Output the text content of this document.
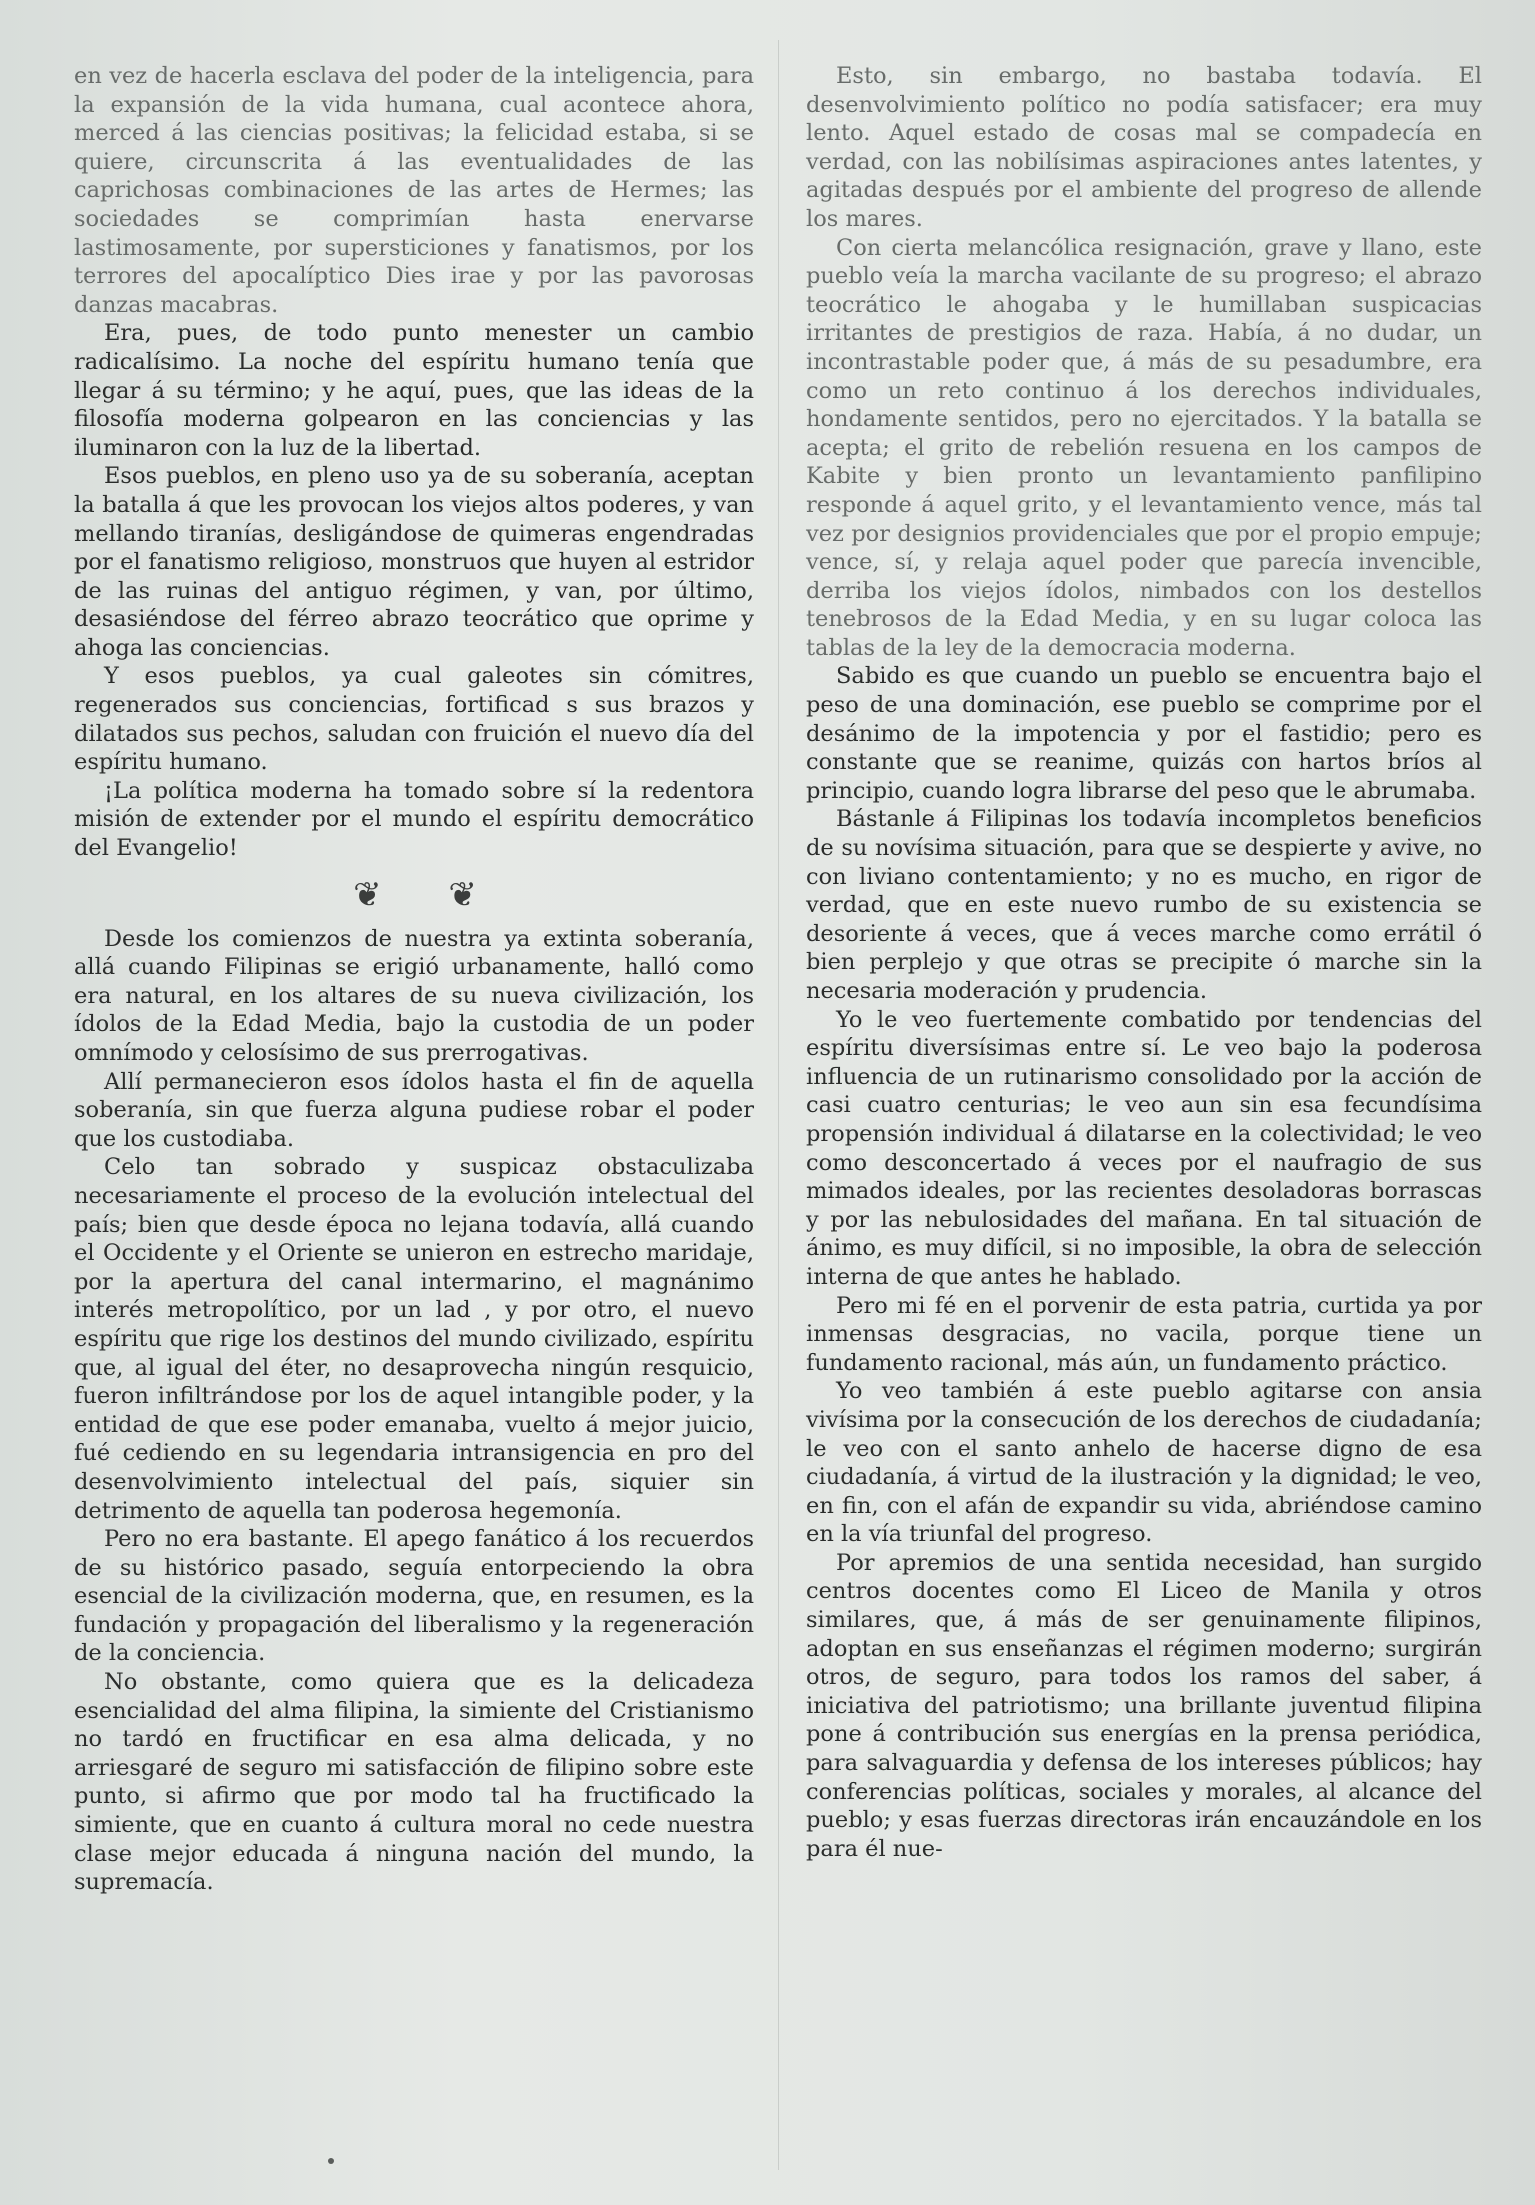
en vez de hacerla esclava del poder de la inteligencia, para la expansión de la vida humana, cual acontece ahora, merced á las ciencias positivas; la felicidad estaba, si se quiere, circunscrita á las eventualidades de las caprichosas combinaciones de las artes de Hermes; las sociedades se comprimían hasta enervarse lastimosamente, por supersticiones y fanatismos, por los terrores del apocalíptico Dies irae y por las pavorosas danzas macabras.

Era, pues, de todo punto menester un cambio radicalísimo. La noche del espíritu humano tenía que llegar á su término; y he aquí, pues, que las ideas de la filosofía moderna golpearon en las conciencias y las iluminaron con la luz de la libertad.

Esos pueblos, en pleno uso ya de su soberanía, aceptan la batalla á que les provocan los viejos altos poderes, y van mellando tiranías, desligándose de quimeras engendradas por el fanatismo religioso, monstruos que huyen al estridor de las ruinas del antiguo régimen, y van, por último, desasiéndose del férreo abrazo teocrático que oprime y ahoga las conciencias.

Y esos pueblos, ya cual galeotes sin cómitres, regenerados sus conciencias, fortificad s sus brazos y dilatados sus pechos, saludan con fruición el nuevo día del espíritu humano.

¡La política moderna ha tomado sobre sí la redentora misión de extender por el mundo el espíritu democrático del Evangelio!

❦ ❦

Desde los comienzos de nuestra ya extinta soberanía, allá cuando Filipinas se erigió urbanamente, halló como era natural, en los altares de su nueva civilización, los ídolos de la Edad Media, bajo la custodia de un poder omnímodo y celosísimo de sus prerrogativas.

Allí permanecieron esos ídolos hasta el fin de aquella soberanía, sin que fuerza alguna pudiese robar el poder que los custodiaba.

Celo tan sobrado y suspicaz obstaculizaba necesariamente el proceso de la evolución intelectual del país; bien que desde época no lejana todavía, allá cuando el Occidente y el Oriente se unieron en estrecho maridaje, por la apertura del canal intermarino, el magnánimo interés metropolítico, por un lad , y por otro, el nuevo espíritu que rige los destinos del mundo civilizado, espíritu que, al igual del éter, no desaprovecha ningún resquicio, fueron infiltrándose por los de aquel intangible poder, y la entidad de que ese poder emanaba, vuelto á mejor juicio, fué cediendo en su legendaria intransigencia en pro del desenvolvimiento intelectual del país, siquier sin detrimento de aquella tan poderosa hegemonía.

Pero no era bastante. El apego fanático á los recuerdos de su histórico pasado, seguía entorpeciendo la obra esencial de la civilización moderna, que, en resumen, es la fundación y propagación del liberalismo y la regeneración de la conciencia.

No obstante, como quiera que es la delicadeza esencialidad del alma filipina, la simiente del Cristianismo no tardó en fructificar en esa alma delicada, y no arriesgaré de seguro mi satisfacción de filipino sobre este punto, si afirmo que por modo tal ha fructificado la simiente, que en cuanto á cultura moral no cede nuestra clase mejor educada á ninguna nación del mundo, la supremacía.

Esto, sin embargo, no bastaba todavía. El desenvolvimiento político no podía satisfacer; era muy lento. Aquel estado de cosas mal se compadecía en verdad, con las nobilísimas aspiraciones antes latentes, y agitadas después por el ambiente del progreso de allende los mares.

Con cierta melancólica resignación, grave y llano, este pueblo veía la marcha vacilante de su progreso; el abrazo teocrático le ahogaba y le humillaban suspicacias irritantes de prestigios de raza. Había, á no dudar, un incontrastable poder que, á más de su pesadumbre, era como un reto continuo á los derechos individuales, hondamente sentidos, pero no ejercitados. Y la batalla se acepta; el grito de rebelión resuena en los campos de Kabite y bien pronto un levantamiento panfilipino responde á aquel grito, y el levantamiento vence, más tal vez por designios providenciales que por el propio empuje; vence, sí, y relaja aquel poder que parecía invencible, derriba los viejos ídolos, nimbados con los destellos tenebrosos de la Edad Media, y en su lugar coloca las tablas de la ley de la democracia moderna.

Sabido es que cuando un pueblo se encuentra bajo el peso de una dominación, ese pueblo se comprime por el desánimo de la impotencia y por el fastidio; pero es constante que se reanime, quizás con hartos bríos al principio, cuando logra librarse del peso que le abrumaba.

Bástanle á Filipinas los todavía incompletos beneficios de su novísima situación, para que se despierte y avive, no con liviano contentamiento; y no es mucho, en rigor de verdad, que en este nuevo rumbo de su existencia se desoriente á veces, que á veces marche como errátil ó bien perplejo y que otras se precipite ó marche sin la necesaria moderación y prudencia.

Yo le veo fuertemente combatido por tendencias del espíritu diversísimas entre sí. Le veo bajo la poderosa influencia de un rutinarismo consolidado por la acción de casi cuatro centurias; le veo aun sin esa fecundísima propensión individual á dilatarse en la colectividad; le veo como desconcertado á veces por el naufragio de sus mimados ideales, por las recientes desoladoras borrascas y por las nebulosidades del mañana. En tal situación de ánimo, es muy difícil, si no imposible, la obra de selección interna de que antes he hablado.

Pero mi fé en el porvenir de esta patria, curtida ya por inmensas desgracias, no vacila, porque tiene un fundamento racional, más aún, un fundamento práctico.

Yo veo también á este pueblo agitarse con ansia vivísima por la consecución de los derechos de ciudadanía; le veo con el santo anhelo de hacerse digno de esa ciudadanía, á virtud de la ilustración y la dignidad; le veo, en fin, con el afán de expandir su vida, abriéndose camino en la vía triunfal del progreso.

Por apremios de una sentida necesidad, han surgido centros docentes como El Liceo de Manila y otros similares, que, á más de ser genuinamente filipinos, adoptan en sus enseñanzas el régimen moderno; surgirán otros, de seguro, para todos los ramos del saber, á iniciativa del patriotismo; una brillante juventud filipina pone á contribución sus energías en la prensa periódica, para salvaguardia y defensa de los intereses públicos; hay conferencias políticas, sociales y morales, al alcance del pueblo; y esas fuerzas directoras irán encauzándole en los para él nue-
